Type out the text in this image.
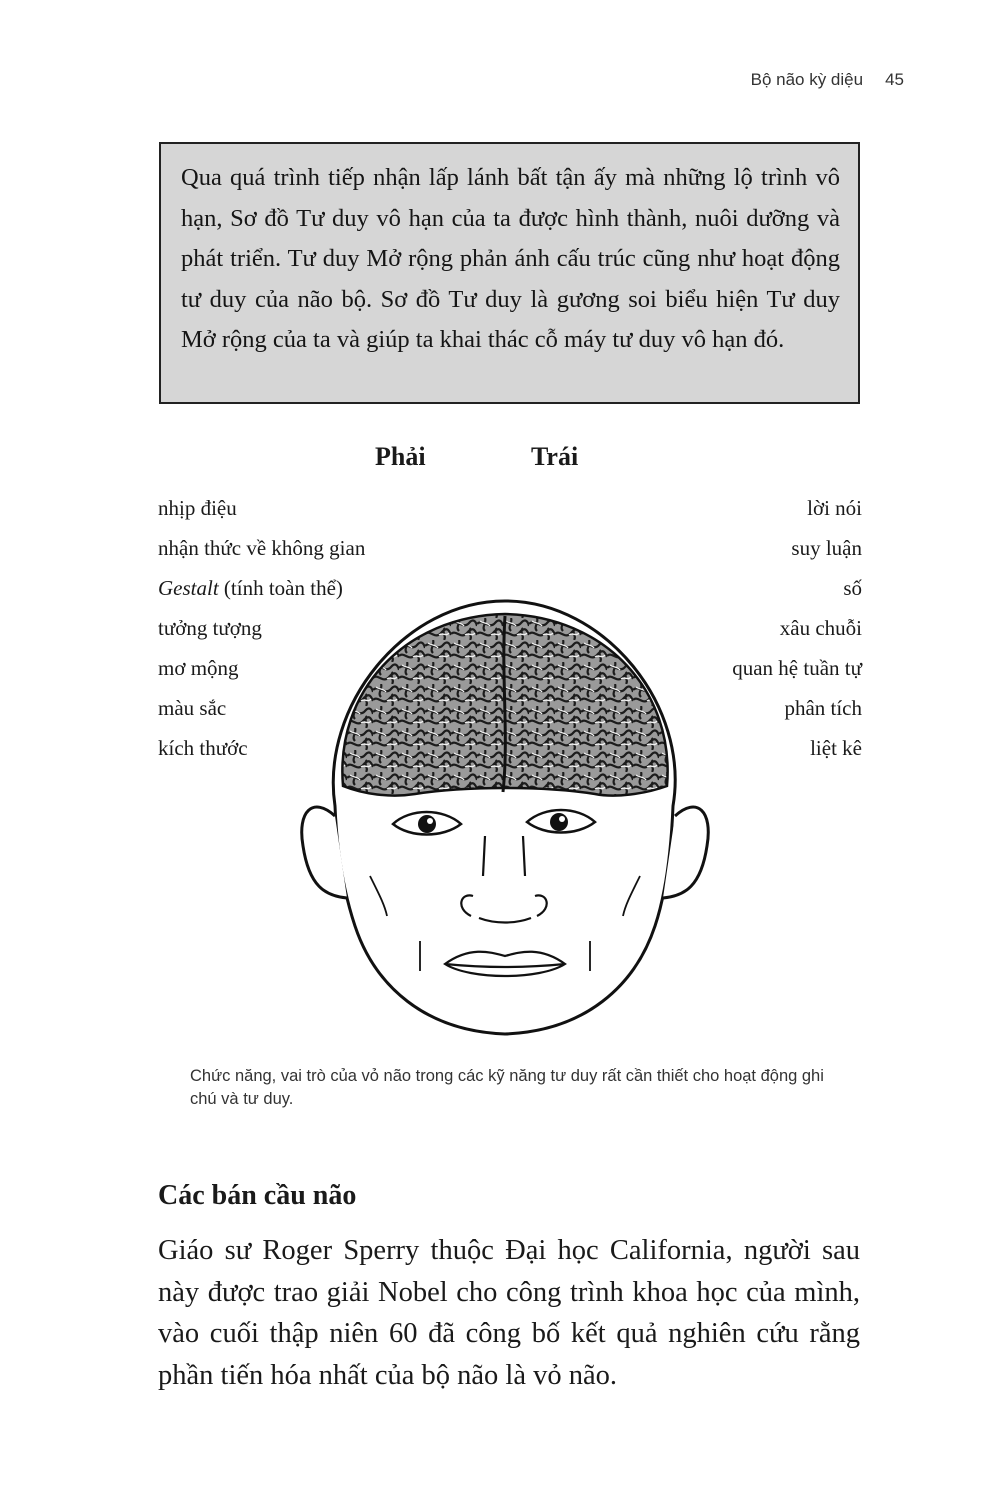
Bộ não kỳ diệu 45

Qua quá trình tiếp nhận lấp lánh bất tận ấy mà những lộ trình vô hạn, Sơ đồ Tư duy vô hạn của ta được hình thành, nuôi dưỡng và phát triển. Tư duy Mở rộng phản ánh cấu trúc cũng như hoạt động tư duy của não bộ. Sơ đồ Tư duy là gương soi biểu hiện Tư duy Mở rộng của ta và giúp ta khai thác cỗ máy tư duy vô hạn đó.

Phải	Trái
nhịp điệu
nhận thức về không gian
Gestalt (tính toàn thể)
tưởng tượng
mơ mộng
màu sắc
kích thước
lời nói
suy luận
số
xâu chuỗi
quan hệ tuần tự
phân tích
liệt kê
Chức năng, vai trò của vỏ não trong các kỹ năng tư duy rất cần thiết cho hoạt động ghi chú và tư duy.
Các bán cầu não

Giáo sư Roger Sperry thuộc Đại học California, người sau này được trao giải Nobel cho công trình khoa học của mình, vào cuối thập niên 60 đã công bố kết quả nghiên cứu rằng phần tiến hóa nhất của bộ não là vỏ não.
